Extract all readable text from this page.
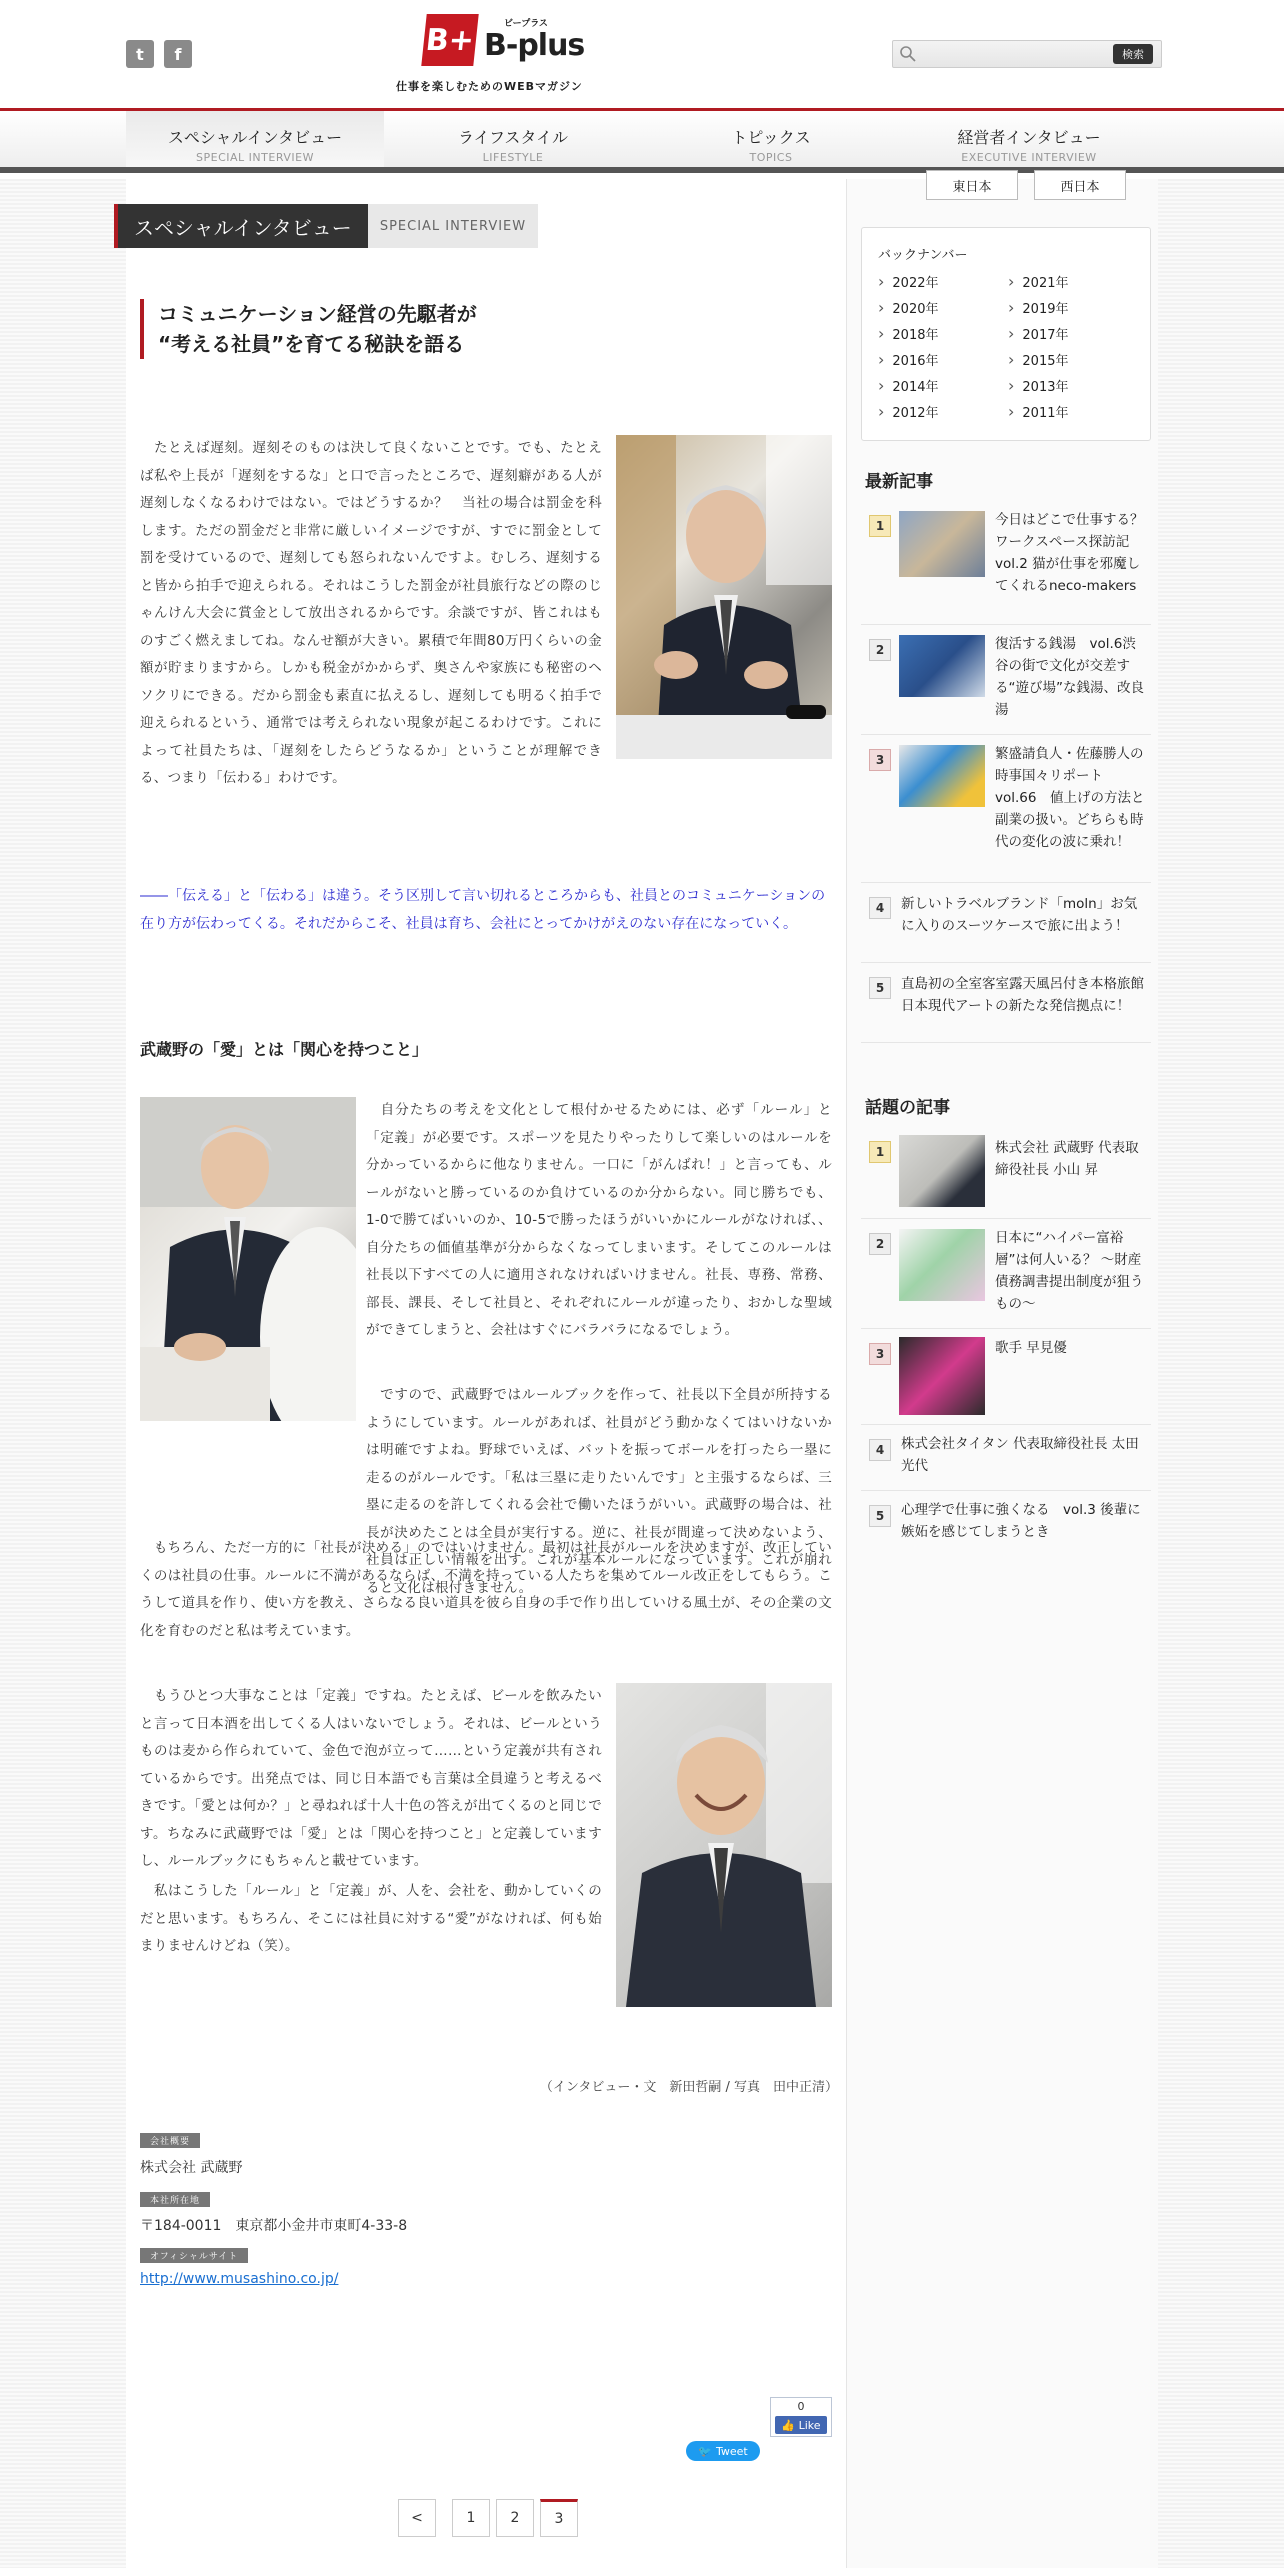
t	f	B+	ビープラス
B-plus
仕事を楽しむためのWEBマガジン
検索
スペシャルインタビュー
SPECIAL INTERVIEW
ライフスタイル
LIFESTYLE
トピックス
TOPICS
経営者インタビュー
EXECUTIVE INTERVIEW
スペシャルインタビュー	SPECIAL INTERVIEW
コミュニケーション経営の先駆者が
“考える社員”を育てる秘訣を語る
　たとえば遅刻。遅刻そのものは決して良くないことです。でも、たとえば私や上長が「遅刻をするな」と口で言ったところで、遅刻癖がある人が遅刻しなくなるわけではない。ではどうするか？　当社の場合は罰金を科します。ただの罰金だと非常に厳しいイメージですが、すでに罰金として罰を受けているので、遅刻しても怒られないんですよ。むしろ、遅刻すると皆から拍手で迎えられる。それはこうした罰金が社員旅行などの際のじゃんけん大会に賞金として放出されるからです。余談ですが、皆これはものすごく燃えましてね。なんせ額が大きい。累積で年間80万円くらいの金額が貯まりますから。しかも税金がかからず、奥さんや家族にも秘密のヘソクリにできる。だから罰金も素直に払えるし、遅刻しても明るく拍手で迎えられるという、通常では考えられない現象が起こるわけです。これによって社員たちは、「遅刻をしたらどうなるか」ということが理解できる、つまり「伝わる」わけです。
――「伝える」と「伝わる」は違う。そう区別して言い切れるところからも、社員とのコミュニケーションの在り方が伝わってくる。それだからこそ、社員は育ち、会社にとってかけがえのない存在になっていく。
武蔵野の「愛」とは「関心を持つこと」
　自分たちの考えを文化として根付かせるためには、必ず「ルール」と「定義」が必要です。スポーツを見たりやったりして楽しいのはルールを分かっているからに他なりません。一口に「がんばれ！」と言っても、ルールがないと勝っているのか負けているのか分からない。同じ勝ちでも、1-0で勝てばいいのか、10-5で勝ったほうがいいかにルールがなければ、、自分たちの価値基準が分からなくなってしまいます。そしてこのルールは社長以下すべての人に適用されなければいけません。社長、専務、常務、部長、課長、そして社員と、それぞれにルールが違ったり、おかしな聖域ができてしまうと、会社はすぐにバラバラになるでしょう。
　ですので、武蔵野ではルールブックを作って、社長以下全員が所持するようにしています。ルールがあれば、社員がどう動かなくてはいけないかは明確ですよね。野球でいえば、バットを振ってボールを打ったら一塁に走るのがルールです。「私は三塁に走りたいんです」と主張するならば、三塁に走るのを許してくれる会社で働いたほうがいい。武蔵野の場合は、社長が決めたことは全員が実行する。逆に、社長が間違って決めないよう、社員は正しい情報を出す。これが基本ルールになっています。これが崩れると文化は根付きません。
　もちろん、ただ一方的に「社長が決める」のではいけません。最初は社長がルールを決めますが、改正していくのは社員の仕事。ルールに不満があるならば、不満を持っている人たちを集めてルール改正をしてもらう。こうして道具を作り、使い方を教え、さらなる良い道具を彼ら自身の手で作り出していける風土が、その企業の文化を育むのだと私は考えています。
　もうひとつ大事なことは「定義」ですね。たとえば、ビールを飲みたいと言って日本酒を出してくる人はいないでしょう。それは、ビールというものは麦から作られていて、金色で泡が立って……という定義が共有されているからです。出発点では、同じ日本語でも言葉は全員違うと考えるべきです。「愛とは何か？」と尋ねれば十人十色の答えが出てくるのと同じです。ちなみに武蔵野では「愛」とは「関心を持つこと」と定義していますし、ルールブックにもちゃんと載せています。
　私はこうした「ルール」と「定義」が、人を、会社を、動かしていくのだと思います。もちろん、そこには社員に対する“愛”がなければ、何も始まりませんけどね（笑）。
（インタビュー・文　新田哲嗣 / 写真　田中正清）
会社概要
株式会社 武蔵野
本社所在地
〒184-0011　東京都小金井市東町4-33-8
オフィシャルサイト
http://www.musashino.co.jp/
0
👍 Like
🐦 Tweet
<	1	2	3
バックナンバー
› 2022年	› 2021年
› 2020年	› 2019年
› 2018年	› 2017年
› 2016年	› 2015年
› 2014年	› 2013年
› 2012年	› 2011年
最新記事
1	今日はどこで仕事する？ ワークスペース探訪記　vol.2 猫が仕事を邪魔してくれるneco-makers
2	復活する銭湯　vol.6渋谷の街で文化が交差する“遊び場”な銭湯、改良湯
3	繁盛請負人・佐藤勝人の時事国々リポート　vol.66　値上げの方法と副業の扱い。どちらも時代の変化の波に乗れ！
4	新しいトラベルブランド「moln」お気に入りのスーツケースで旅に出よう！
5	直島初の全室客室露天風呂付き本格旅館 日本現代アートの新たな発信拠点に！
話題の記事
1	株式会社 武蔵野 代表取締役社長 小山 昇
2	日本に“ハイパー富裕層”は何人いる？ ～財産債務調書提出制度が狙うもの～
3	歌手 早見優
4	株式会社タイタン 代表取締役社長 太田光代
5	心理学で仕事に強くなる　vol.3 後輩に嫉妬を感じてしまうとき
東日本	西日本
